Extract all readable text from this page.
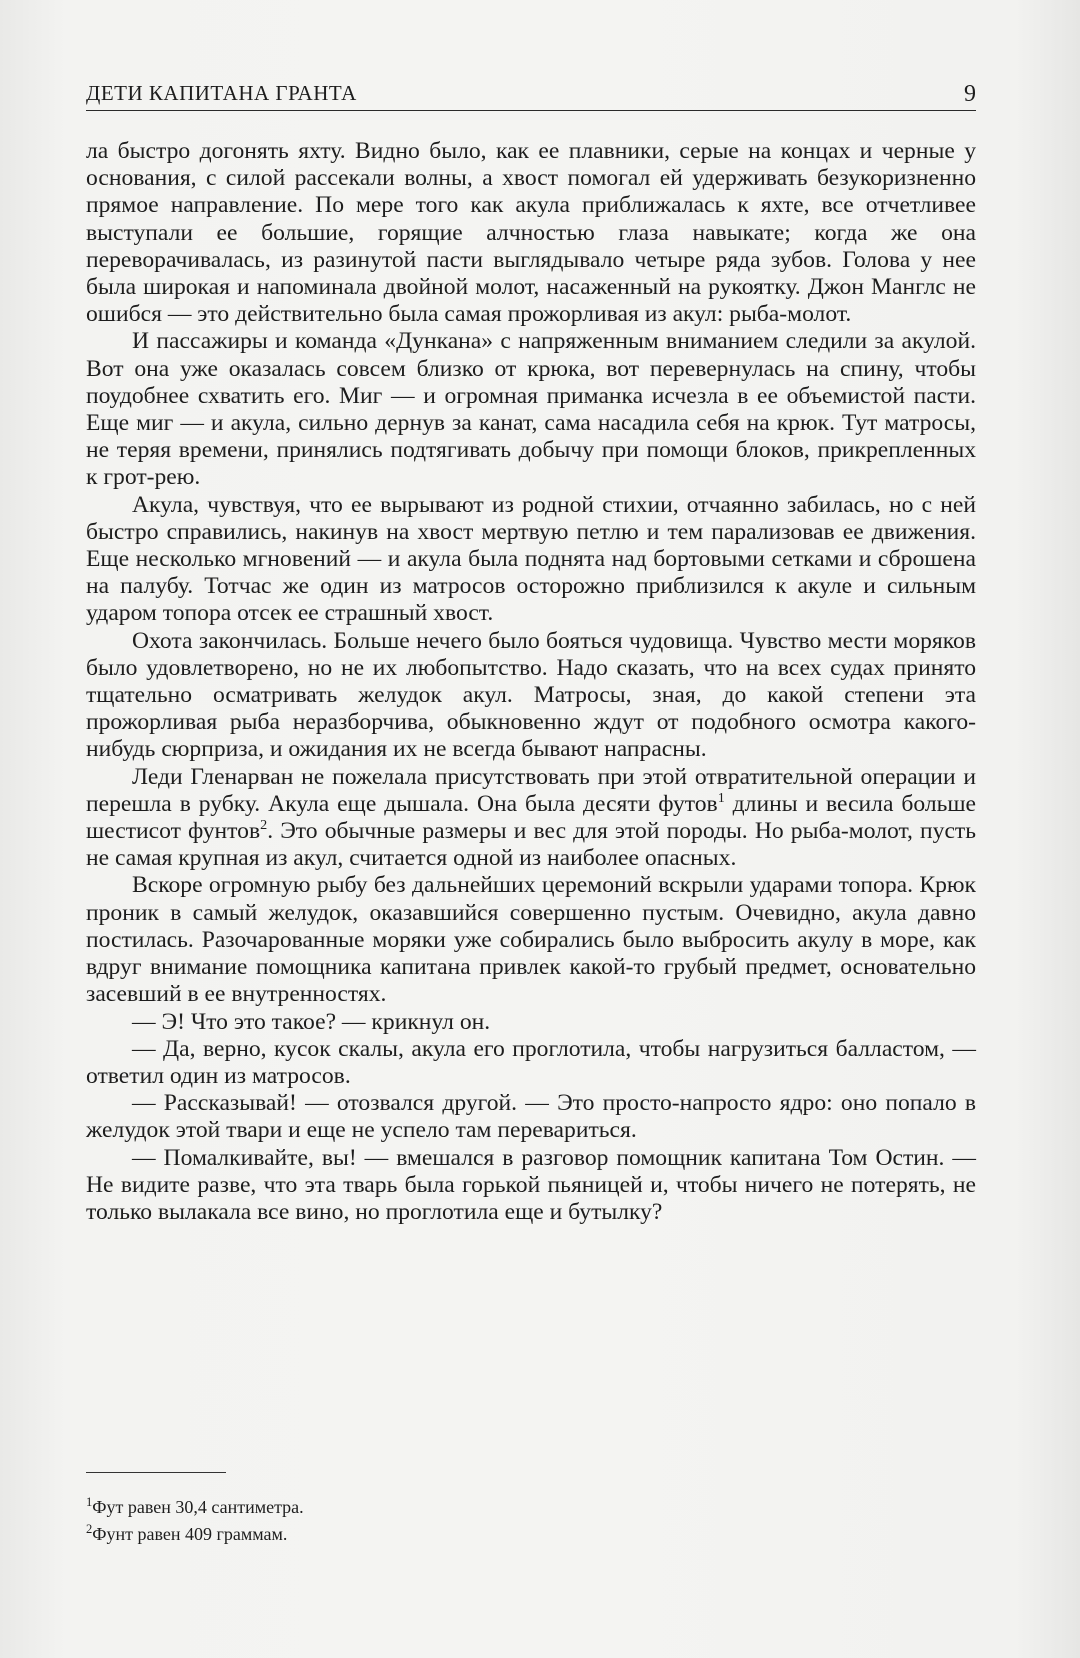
ДЕТИ КАПИТАНА ГРАНТА	9

ла быстро догонять яхту. Видно было, как ее плавники, серые на концах и черные у основания, с силой рассекали волны, а хвост помогал ей удерживать безукоризненно прямое направление. По мере того как акула приближалась к яхте, все отчетливее выступали ее большие, горящие алчностью глаза навыкате; когда же она переворачивалась, из разинутой пасти выглядывало четыре ряда зубов. Голова у нее была широкая и напоминала двойной молот, насаженный на рукоятку. Джон Манглс не ошибся — это действительно была самая прожорливая из акул: рыба-молот.

И пассажиры и команда «Дункана» с напряженным вниманием следили за акулой. Вот она уже оказалась совсем близко от крюка, вот перевернулась на спину, чтобы поудобнее схватить его. Миг — и огромная приманка исчезла в ее объемистой пасти. Еще миг — и акула, сильно дернув за канат, сама насадила себя на крюк. Тут матросы, не теряя времени, принялись подтягивать добычу при помощи блоков, прикрепленных к грот-рею.

Акула, чувствуя, что ее вырывают из родной стихии, отчаянно забилась, но с ней быстро справились, накинув на хвост мертвую петлю и тем парализовав ее движения. Еще несколько мгновений — и акула была поднята над бортовыми сетками и сброшена на палубу. Тотчас же один из матросов осторожно приблизился к акуле и сильным ударом топора отсек ее страшный хвост.

Охота закончилась. Больше нечего было бояться чудовища. Чувство мести моряков было удовлетворено, но не их любопытство. Надо сказать, что на всех судах принято тщательно осматривать желудок акул. Матросы, зная, до какой степени эта прожорливая рыба неразборчива, обыкновенно ждут от подобного осмотра какого-нибудь сюрприза, и ожидания их не всегда бывают напрасны.

Леди Гленарван не пожелала присутствовать при этой отвратительной операции и перешла в рубку. Акула еще дышала. Она была десяти футов$^1$ длины и весила больше шестисот фунтов$^2$. Это обычные размеры и вес для этой породы. Но рыба-молот, пусть не самая крупная из акул, считается одной из наиболее опасных.

Вскоре огромную рыбу без дальнейших церемоний вскрыли ударами топора. Крюк проник в самый желудок, оказавшийся совершенно пустым. Очевидно, акула давно постилась. Разочарованные моряки уже собирались было выбросить акулу в море, как вдруг внимание помощника капитана привлек какой-то грубый предмет, основательно засевший в ее внутренностях.

— Э! Что это такое? — крикнул он.

— Да, верно, кусок скалы, акула его проглотила, чтобы нагрузиться балластом, — ответил один из матросов.

— Рассказывай! — отозвался другой. — Это просто-напросто ядро: оно попало в желудок этой твари и еще не успело там перевариться.

— Помалкивайте, вы! — вмешался в разговор помощник капитана Том Остин. — Не видите разве, что эта тварь была горькой пьяницей и, чтобы ничего не потерять, не только вылакала все вино, но проглотила еще и бутылку?

$^1$Фут равен 30,4 сантиметра.
$^2$Фунт равен 409 граммам.
